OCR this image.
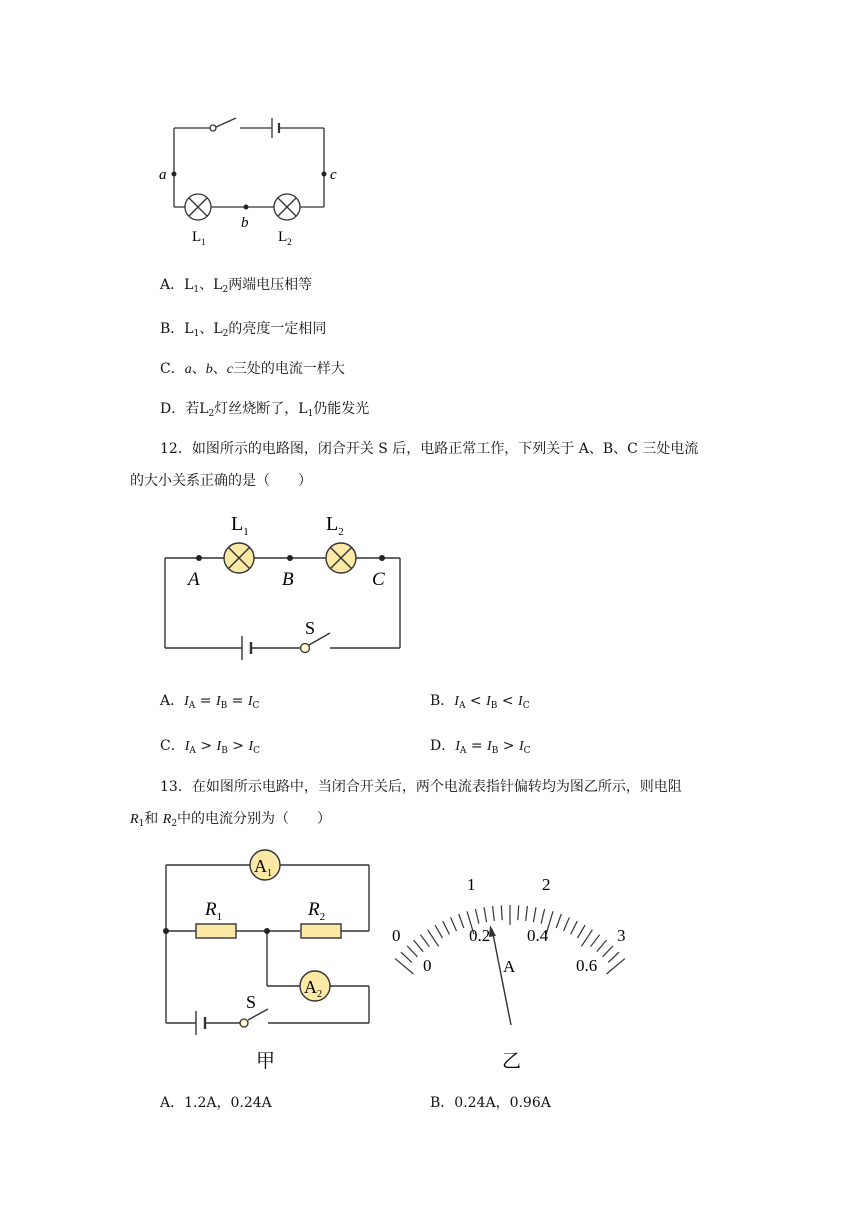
a	c
b
$L_1$	$L_2$
A．$L_1$、$L_2$两端电压相等
B．$L_1$、$L_2$的亮度一定相同
C．a、b、c三处的电流一样大
D．若$L_2$灯丝烧断了，$L_1$仍能发光
12．如图所示的电路图，闭合开关 S 后，电路正常工作，下列关于 A、B、C 三处电流
的大小关系正确的是（　　）
$L_1$	$L_2$
A	B	C
S
A．$I_A = I_B = I_C$	B．$I_A < I_B < I_C$
C．$I_A > I_B > I_C$	D．$I_A = I_B > I_C$
13．在如图所示电路中，当闭合开关后，两个电流表指针偏转均为图乙所示，则电阻
$R_1$和 $R_2$中的电流分别为（　　）
$A_1$
$A_2$
$R_1$	$R_2$
S
甲
0
1	2
3
0
0.2 0.4
0.6
A
乙
A．1.2A，0.24A	B．0.24A，0.96A
